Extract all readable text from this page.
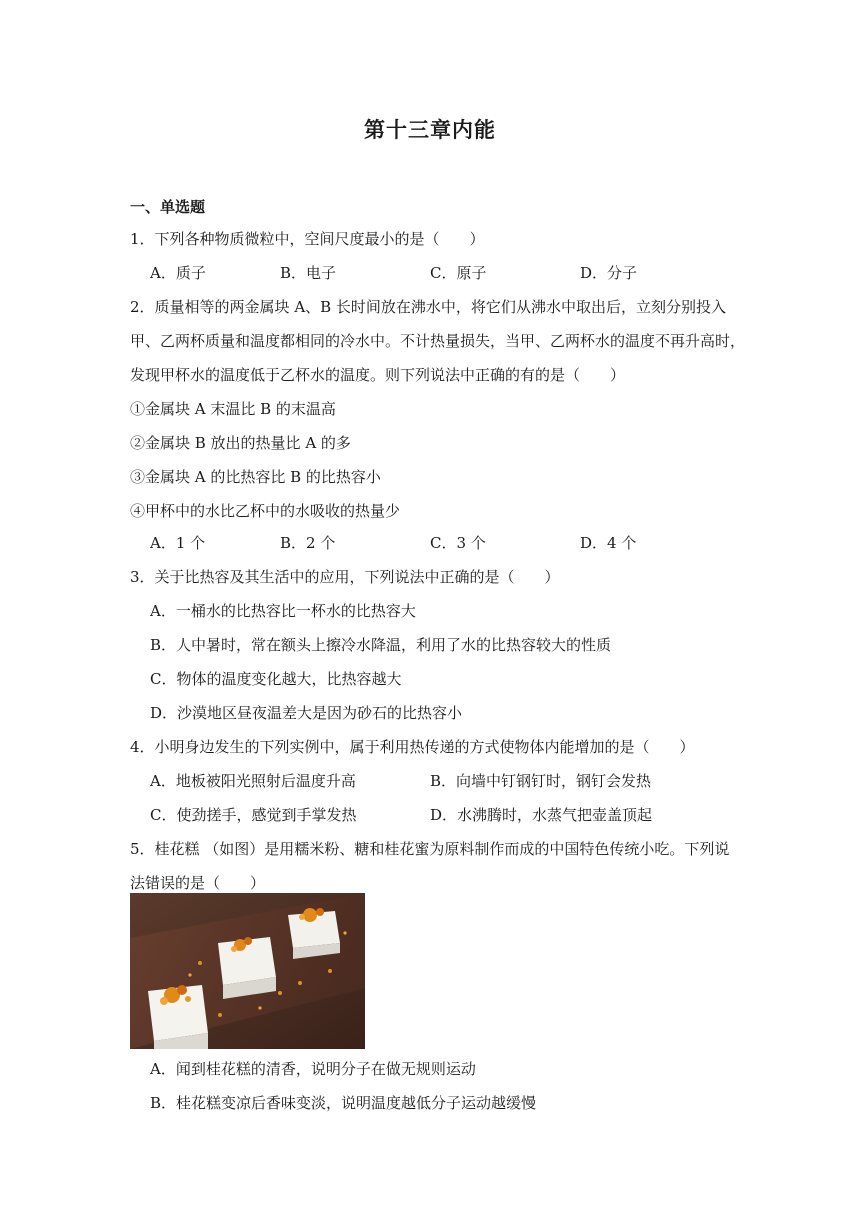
第十三章内能
一、单选题
1．下列各种物质微粒中，空间尺度最小的是（　　）
A．质子	B．电子	C．原子	D．分子
2．质量相等的两金属块 A、B 长时间放在沸水中，将它们从沸水中取出后，立刻分别投入
甲、乙两杯质量和温度都相同的冷水中。不计热量损失，当甲、乙两杯水的温度不再升高时，
发现甲杯水的温度低于乙杯水的温度。则下列说法中正确的有的是（　　）
①金属块 A 末温比 B 的末温高
②金属块 B 放出的热量比 A 的多
③金属块 A 的比热容比 B 的比热容小
④甲杯中的水比乙杯中的水吸收的热量少
A．1 个	B．2 个	C．3 个	D．4 个
3．关于比热容及其生活中的应用，下列说法中正确的是（　　）
A．一桶水的比热容比一杯水的比热容大
B．人中暑时，常在额头上擦冷水降温，利用了水的比热容较大的性质
C．物体的温度变化越大，比热容越大
D．沙漠地区昼夜温差大是因为砂石的比热容小
4．小明身边发生的下列实例中，属于利用热传递的方式使物体内能增加的是（　　）
A．地板被阳光照射后温度升高	B．向墙中钉钢钉时，钢钉会发热
C．使劲搓手，感觉到手掌发热	D．水沸腾时，水蒸气把壶盖顶起
5．桂花糕 （如图）是用糯米粉、糖和桂花蜜为原料制作而成的中国特色传统小吃。下列说
法错误的是（　　）
A．闻到桂花糕的清香，说明分子在做无规则运动
B．桂花糕变凉后香味变淡，说明温度越低分子运动越缓慢
